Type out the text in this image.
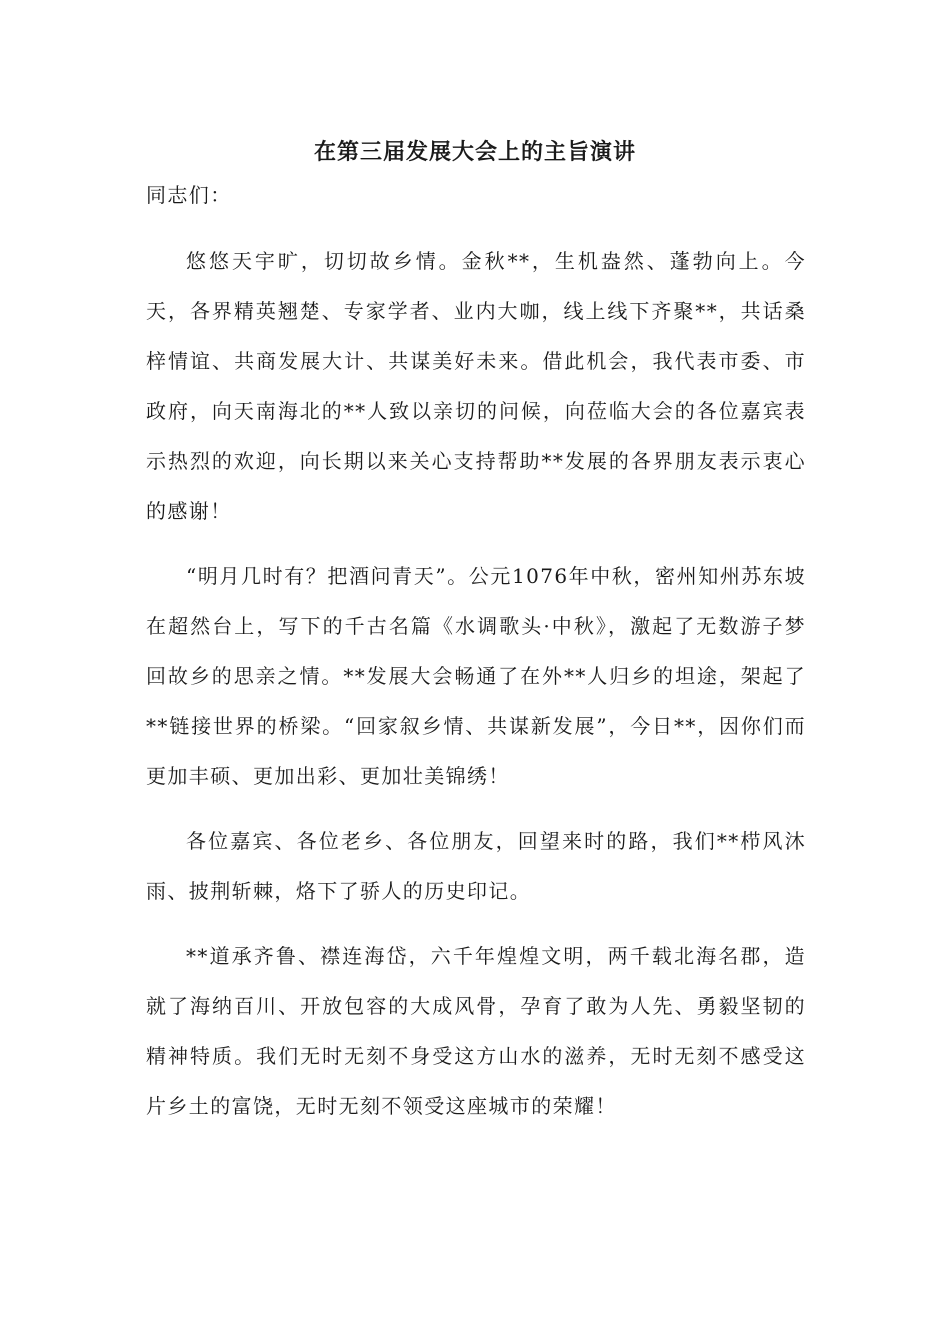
在第三届发展大会上的主旨演讲

同志们：

悠悠天宇旷，切切故乡情。金秋**，生机盎然、蓬勃向上。今天，各界精英翘楚、专家学者、业内大咖，线上线下齐聚**，共话桑梓情谊、共商发展大计、共谋美好未来。借此机会，我代表市委、市政府，向天南海北的**人致以亲切的问候，向莅临大会的各位嘉宾表示热烈的欢迎，向长期以来关心支持帮助**发展的各界朋友表示衷心的感谢！

“明月几时有？把酒问青天”。公元1076年中秋，密州知州苏东坡在超然台上，写下的千古名篇《水调歌头·中秋》，激起了无数游子梦回故乡的思亲之情。**发展大会畅通了在外**人归乡的坦途，架起了**链接世界的桥梁。“回家叙乡情、共谋新发展”，今日**，因你们而更加丰硕、更加出彩、更加壮美锦绣！

各位嘉宾、各位老乡、各位朋友，回望来时的路，我们**栉风沐雨、披荆斩棘，烙下了骄人的历史印记。

**道承齐鲁、襟连海岱，六千年煌煌文明，两千载北海名郡，造就了海纳百川、开放包容的大成风骨，孕育了敢为人先、勇毅坚韧的精神特质。我们无时无刻不身受这方山水的滋养，无时无刻不感受这片乡土的富饶，无时无刻不领受这座城市的荣耀！
